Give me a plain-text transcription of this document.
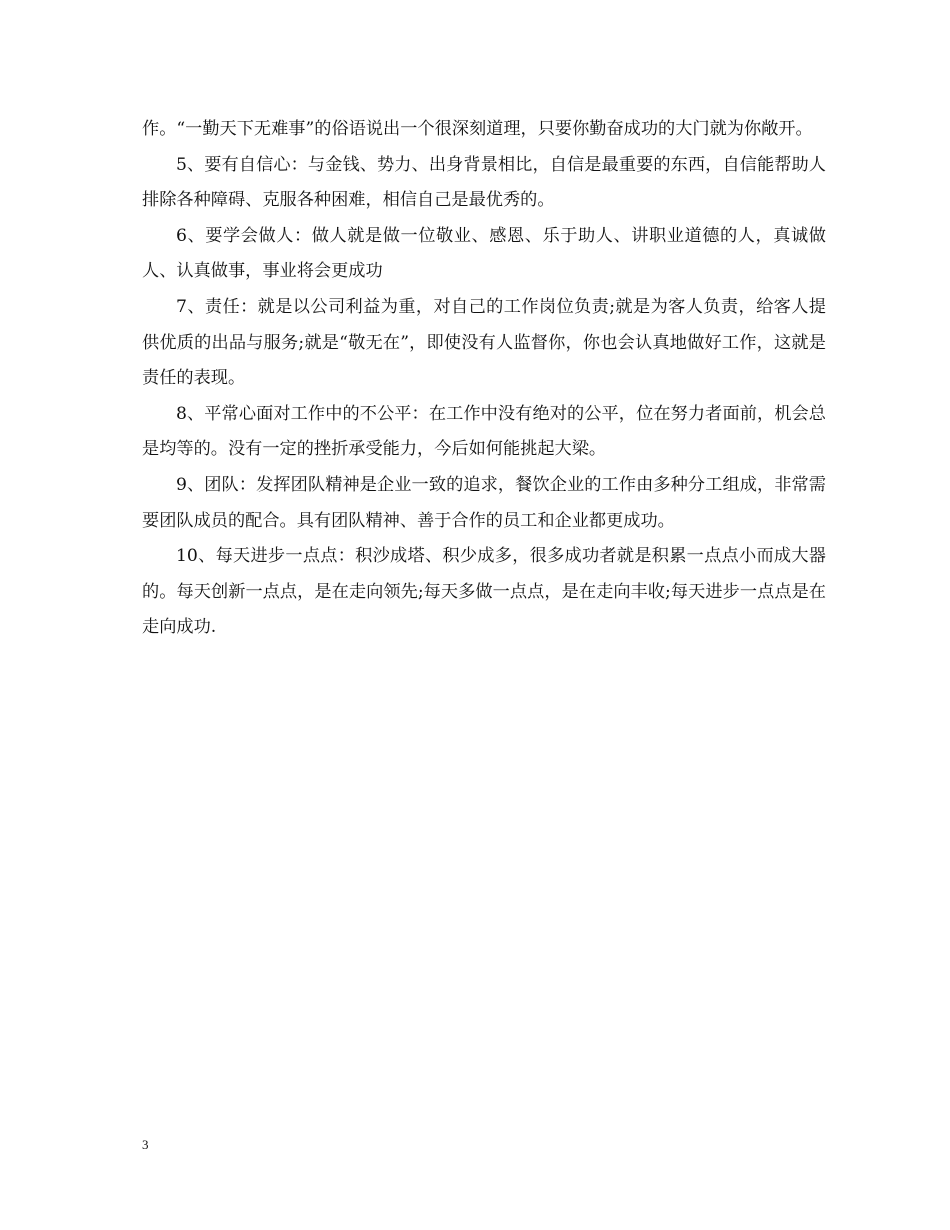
作。“一勤天下无难事”的俗语说出一个很深刻道理，只要你勤奋成功的大门就为你敞开。

5、要有自信心：与金钱、势力、出身背景相比，自信是最重要的东西，自信能帮助人排除各种障碍、克服各种困难，相信自己是最优秀的。

6、要学会做人：做人就是做一位敬业、感恩、乐于助人、讲职业道德的人，真诚做人、认真做事，事业将会更成功

7、责任：就是以公司利益为重，对自己的工作岗位负责;就是为客人负责，给客人提供优质的出品与服务;就是“敬无在”，即使没有人监督你，你也会认真地做好工作，这就是责任的表现。

8、平常心面对工作中的不公平：在工作中没有绝对的公平，位在努力者面前，机会总是均等的。没有一定的挫折承受能力，今后如何能挑起大梁。

9、团队：发挥团队精神是企业一致的追求，餐饮企业的工作由多种分工组成，非常需要团队成员的配合。具有团队精神、善于合作的员工和企业都更成功。

10、每天进步一点点：积沙成塔、积少成多，很多成功者就是积累一点点小而成大器的。每天创新一点点，是在走向领先;每天多做一点点，是在走向丰收;每天进步一点点是在走向成功.

3
